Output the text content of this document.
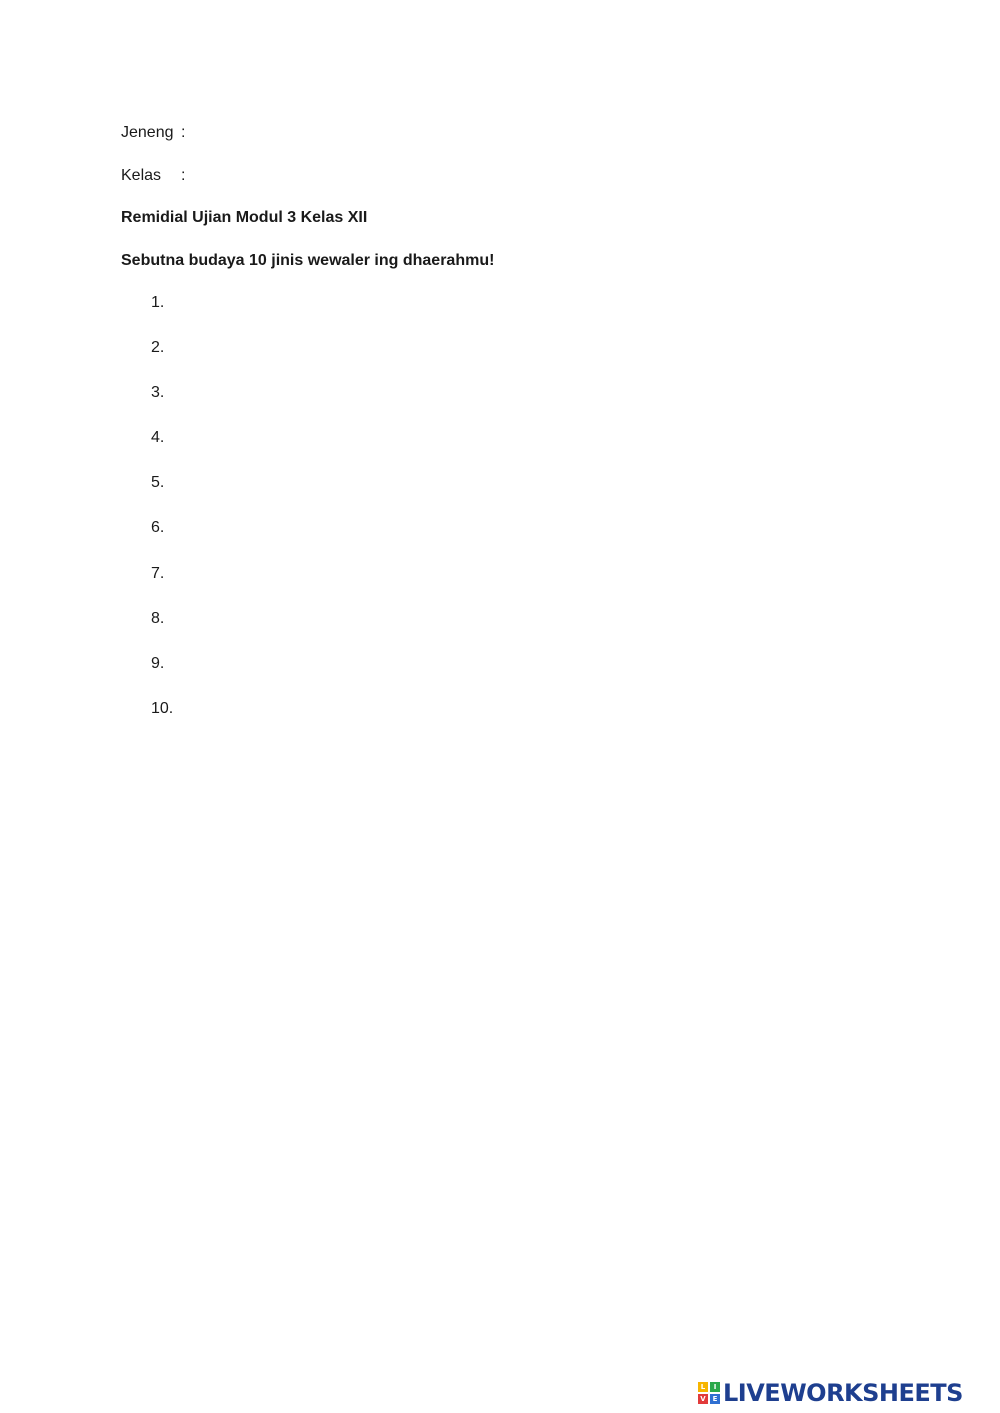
Jeneng :
Kelas :
Remidial Ujian Modul 3 Kelas XII
Sebutna budaya 10 jinis wewaler ing dhaerahmu!
1.
2.
3.
4.
5.
6.
7.
8.
9.
10.
L	I
V E LIVEWORKSHEETS
